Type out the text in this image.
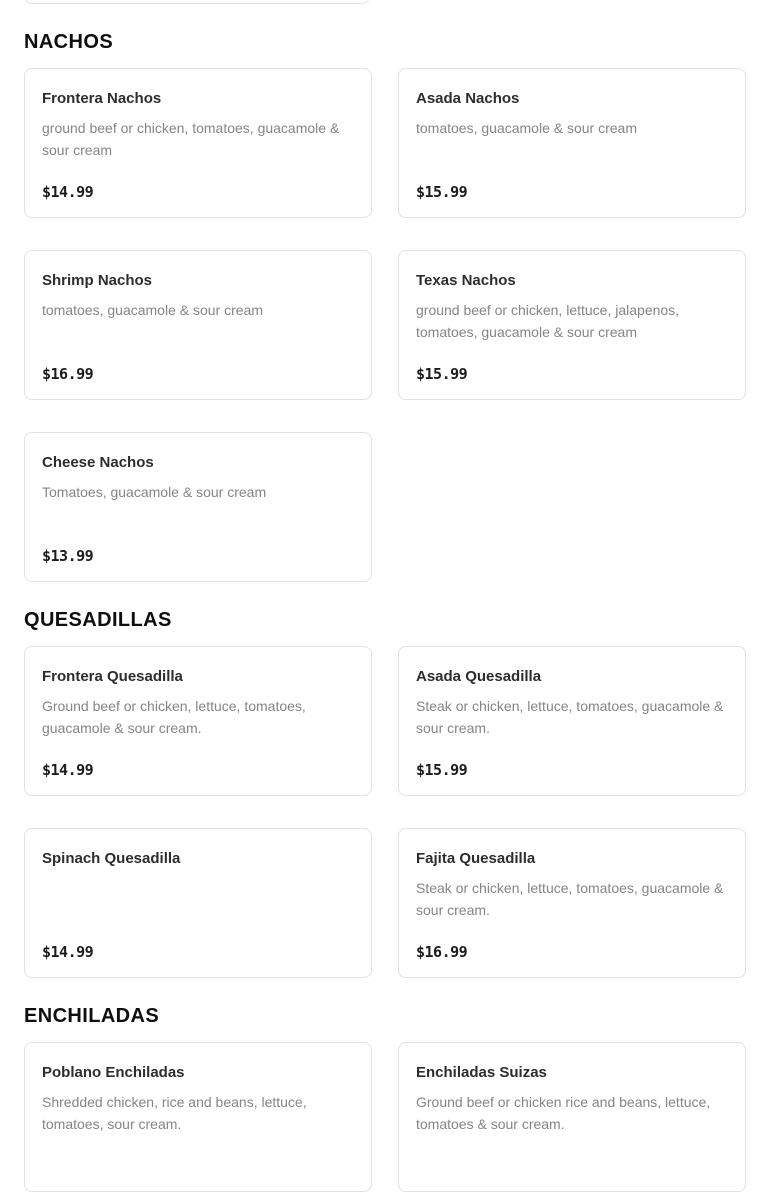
NACHOS
Frontera Nachos

ground beef or chicken, tomatoes, guacamole & sour cream

$14.99

Asada Nachos

tomatoes, guacamole & sour cream

$15.99

Shrimp Nachos

tomatoes, guacamole & sour cream

$16.99

Texas Nachos

ground beef or chicken, lettuce, jalapenos, tomatoes, guacamole & sour cream

$15.99

Cheese Nachos

Tomatoes, guacamole & sour cream

$13.99

QUESADILLAS
Frontera Quesadilla

Ground beef or chicken, lettuce, tomatoes, guacamole & sour cream.

$14.99

Asada Quesadilla

Steak or chicken, lettuce, tomatoes, guacamole & sour cream.

$15.99

Spinach Quesadilla

$14.99

Fajita Quesadilla

Steak or chicken, lettuce, tomatoes, guacamole & sour cream.

$16.99

ENCHILADAS
Poblano Enchiladas

Shredded chicken, rice and beans, lettuce, tomatoes, sour cream.

Enchiladas Suizas

Ground beef or chicken rice and beans, lettuce, tomatoes & sour cream.
